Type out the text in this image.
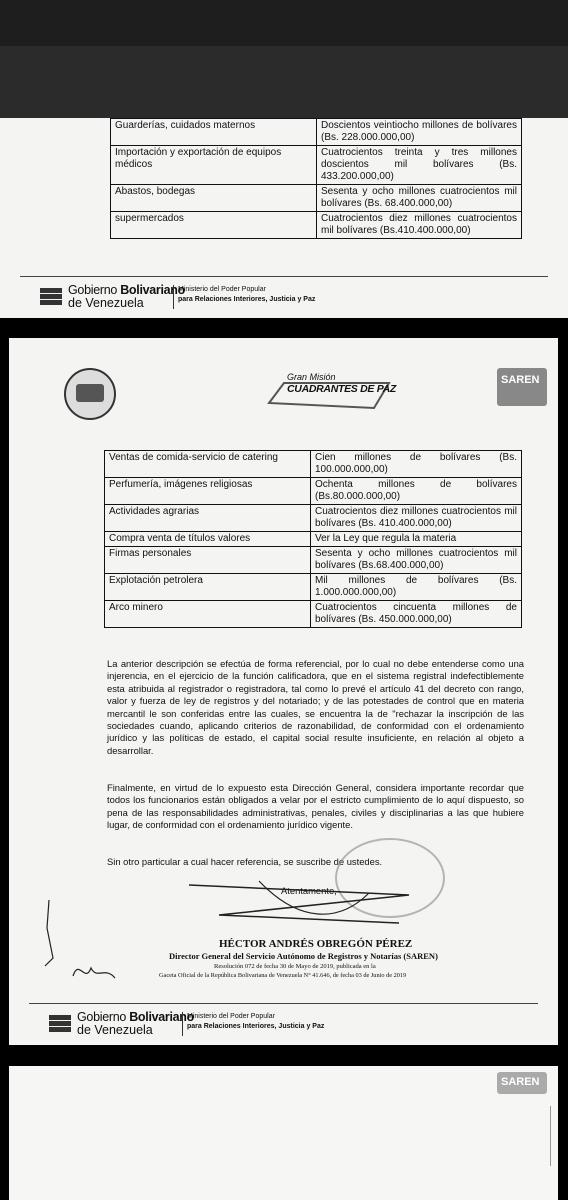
Guarderías, cuidados maternos	Doscientos veintiocho millones de bolívares (Bs. 228.000.000,00)
Importación y exportación de equipos médicos	Cuatrocientos treinta y tres millones doscientos mil bolívares (Bs. 433.200.000,00)
Abastos, bodegas	Sesenta y ocho millones cuatrocientos mil bolívares (Bs. 68.400.000,00)
supermercados	Cuatrocientos diez millones cuatrocientos mil bolívares (Bs.410.400.000,00)
Gobierno Bolivariano
de Venezuela
Ministerio del Poder Popular
para Relaciones Interiores, Justicia y Paz
Gran Misión
CUADRANTES DE PAZ
SAREN
Ventas de comida-servicio de catering	Cien millones de bolívares (Bs. 100.000.000,00)
Perfumería, imágenes religiosas	Ochenta millones de bolívares (Bs.80.000.000,00)
Actividades agrarias	Cuatrocientos diez millones cuatrocientos mil bolívares (Bs. 410.400.000,00)
Compra venta de títulos valores	Ver la Ley que regula la materia
Firmas personales	Sesenta y ocho millones cuatrocientos mil bolívares (Bs.68.400.000,00)
Explotación petrolera	Mil millones de bolívares (Bs. 1.000.000.000,00)
Arco minero	Cuatrocientos cincuenta millones de bolívares (Bs. 450.000.000,00)
La anterior descripción se efectúa de forma referencial, por lo cual no debe entenderse como una injerencia, en el ejercicio de la función calificadora, que en el sistema registral indefectiblemente esta atribuida al registrador o registradora, tal como lo prevé el artículo 41 del decreto con rango, valor y fuerza de ley de registros y del notariado; y de las potestades de control que en materia mercantil le son conferidas entre las cuales, se encuentra la de "rechazar la inscripción de las sociedades cuando, aplicando criterios de razonabilidad, de conformidad con el ordenamiento jurídico y las políticas de estado, el capital social resulte insuficiente, en relación al objeto a desarrollar.
Finalmente, en virtud de lo expuesto esta Dirección General, considera importante recordar que todos los funcionarios están obligados a velar por el estricto cumplimiento de lo aquí dispuesto, so pena de las responsabilidades administrativas, penales, civiles y disciplinarias a las que hubiere lugar, de conformidad con el ordenamiento jurídico vigente.
Sin otro particular a cual hacer referencia, se suscribe de ustedes.
Atentamente,
HÉCTOR ANDRÉS OBREGÓN PÉREZ
Director General del Servicio Autónomo de Registros y Notarías (SAREN)
Resolución 072 de fecha 30 de Mayo de 2019, publicada en la
Gaceta Oficial de la República Bolivariana de Venezuela N° 41.646, de fecha 03 de Junio de 2019
Gobierno Bolivariano
de Venezuela
Ministerio del Poder Popular
para Relaciones Interiores, Justicia y Paz
SAREN
